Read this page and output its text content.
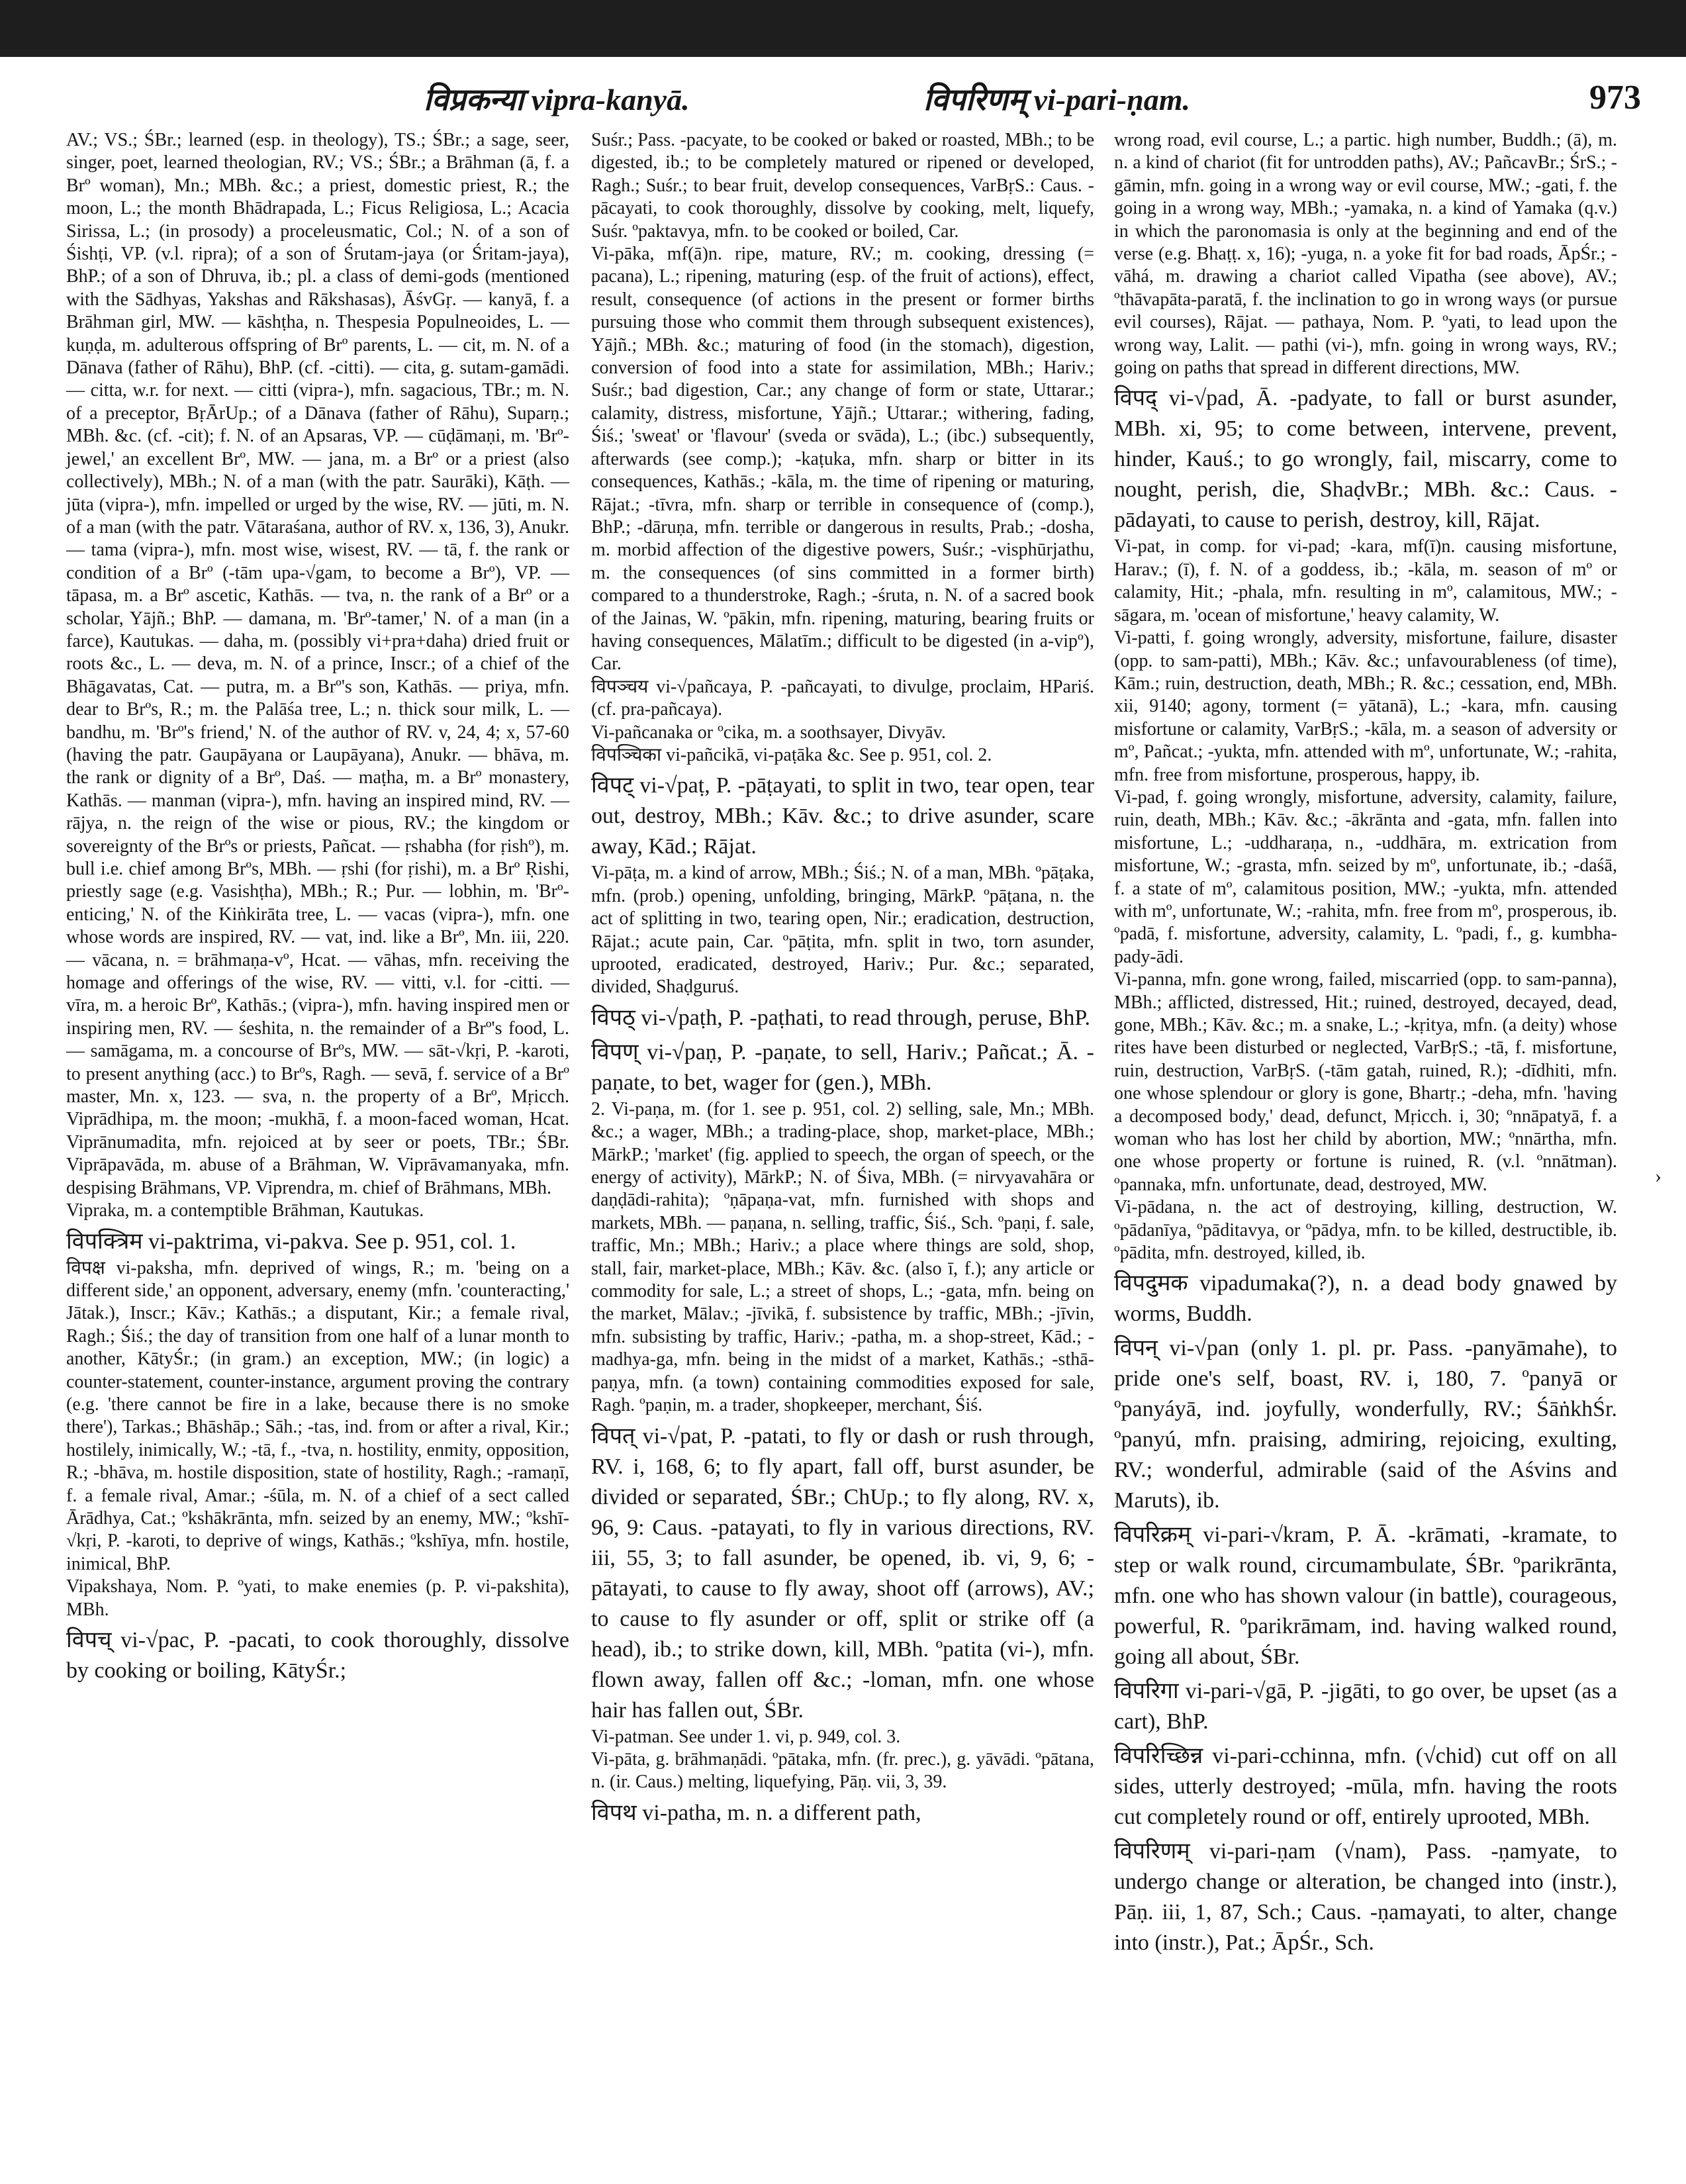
विप्रकन्या vipra-kanyā.	विपरिणम् vi-pari-ṇam.	973

AV.; VS.; ŚBr.; learned (esp. in theology), TS.; ŚBr.; a sage, seer, singer, poet, learned theologian, RV.; VS.; ŚBr.; a Brāhman (ā, f. a Brº woman), Mn.; MBh. &c.; a priest, domestic priest, R.; the moon, L.; the month Bhādrapada, L.; Ficus Religiosa, L.; Acacia Sirissa, L.; (in prosody) a proceleusmatic, Col.; N. of a son of Śishṭi, VP. (v.l. ripra); of a son of Śrutam-jaya (or Śritam-jaya), BhP.; of a son of Dhruva, ib.; pl. a class of demi-gods (mentioned with the Sādhyas, Yakshas and Rākshasas), ĀśvGṛ. — kanyā, f. a Brāhman girl, MW. — kāshṭha, n. Thespesia Populneoides, L. — kuṇḍa, m. adulterous offspring of Brº parents, L. — cit, m. N. of a Dānava (father of Rāhu), BhP. (cf. -citti). — cita, g. sutam-gamādi. — citta, w.r. for next. — citti (vipra-), mfn. sagacious, TBr.; m. N. of a preceptor, BṛĀrUp.; of a Dānava (father of Rāhu), Suparṇ.; MBh. &c. (cf. -cit); f. N. of an Apsaras, VP. — cūḍāmaṇi, m. 'Brº-jewel,' an excellent Brº, MW. — jana, m. a Brº or a priest (also collectively), MBh.; N. of a man (with the patr. Saurāki), Kāṭh. — jūta (vipra-), mfn. impelled or urged by the wise, RV. — jūti, m. N. of a man (with the patr. Vātaraśana, author of RV. x, 136, 3), Anukr. — tama (vipra-), mfn. most wise, wisest, RV. — tā, f. the rank or condition of a Brº (-tām upa-√gam, to become a Brº), VP. — tāpasa, m. a Brº ascetic, Kathās. — tva, n. the rank of a Brº or a scholar, Yājñ.; BhP. — damana, m. 'Brº-tamer,' N. of a man (in a farce), Kautukas. — daha, m. (possibly vi+pra+daha) dried fruit or roots &c., L. — deva, m. N. of a prince, Inscr.; of a chief of the Bhāgavatas, Cat. — putra, m. a Brº's son, Kathās. — priya, mfn. dear to Brºs, R.; m. the Palāśa tree, L.; n. thick sour milk, L. — bandhu, m. 'Brº's friend,' N. of the author of RV. v, 24, 4; x, 57-60 (having the patr. Gaupāyana or Laupāyana), Anukr. — bhāva, m. the rank or dignity of a Brº, Daś. — maṭha, m. a Brº monastery, Kathās. — manman (vipra-), mfn. having an inspired mind, RV. — rājya, n. the reign of the wise or pious, RV.; the kingdom or sovereignty of the Brºs or priests, Pañcat. — ṛshabha (for ṛishº), m. bull i.e. chief among Brºs, MBh. — ṛshi (for ṛishi), m. a Brº Ṛishi, priestly sage (e.g. Vasishṭha), MBh.; R.; Pur. — lobhin, m. 'Brº-enticing,' N. of the Kiṅkirāta tree, L. — vacas (vipra-), mfn. one whose words are inspired, RV. — vat, ind. like a Brº, Mn. iii, 220. — vācana, n. = brāhmaṇa-vº, Hcat. — vāhas, mfn. receiving the homage and offerings of the wise, RV. — vitti, v.l. for -citti. — vīra, m. a heroic Brº, Kathās.; (vipra-), mfn. having inspired men or inspiring men, RV. — śeshita, n. the remainder of a Brº's food, L. — samāgama, m. a concourse of Brºs, MW. — sāt-√kṛi, P. -karoti, to present anything (acc.) to Brºs, Ragh. — sevā, f. service of a Brº master, Mn. x, 123. — sva, n. the property of a Brº, Mṛicch. Viprādhipa, m. the moon; -mukhā, f. a moon-faced woman, Hcat. Viprānumadita, mfn. rejoiced at by seer or poets, TBr.; ŚBr. Viprāpavāda, m. abuse of a Brāhman, W. Viprāvamanyaka, mfn. despising Brāhmans, VP. Viprendra, m. chief of Brāhmans, MBh.

Vipraka, m. a contemptible Brāhman, Kautukas.

विपक्त्रिम vi-paktrima, vi-pakva. See p. 951, col. 1.

विपक्ष vi-paksha, mfn. deprived of wings, R.; m. 'being on a different side,' an opponent, adversary, enemy (mfn. 'counteracting,' Jātak.), Inscr.; Kāv.; Kathās.; a disputant, Kir.; a female rival, Ragh.; Śiś.; the day of transition from one half of a lunar month to another, KātyŚr.; (in gram.) an exception, MW.; (in logic) a counter-statement, counter-instance, argument proving the contrary (e.g. 'there cannot be fire in a lake, because there is no smoke there'), Tarkas.; Bhāshāp.; Sāh.; -tas, ind. from or after a rival, Kir.; hostilely, inimically, W.; -tā, f., -tva, n. hostility, enmity, opposition, R.; -bhāva, m. hostile disposition, state of hostility, Ragh.; -ramaṇī, f. a female rival, Amar.; -śūla, m. N. of a chief of a sect called Ārādhya, Cat.; ºkshākrānta, mfn. seized by an enemy, MW.; ºkshī-√kṛi, P. -karoti, to deprive of wings, Kathās.; ºkshīya, mfn. hostile, inimical, BhP.

Vipakshaya, Nom. P. ºyati, to make enemies (p. P. vi-pakshita), MBh.

विपच् vi-√pac, P. -pacati, to cook thoroughly, dissolve by cooking or boiling, KātyŚr.;

Suśr.; Pass. -pacyate, to be cooked or baked or roasted, MBh.; to be digested, ib.; to be completely matured or ripened or developed, Ragh.; Suśr.; to bear fruit, develop consequences, VarBṛS.: Caus. -pācayati, to cook thoroughly, dissolve by cooking, melt, liquefy, Suśr. ºpaktavya, mfn. to be cooked or boiled, Car.

Vi-pāka, mf(ā)n. ripe, mature, RV.; m. cooking, dressing (= pacana), L.; ripening, maturing (esp. of the fruit of actions), effect, result, consequence (of actions in the present or former births pursuing those who commit them through subsequent existences), Yājñ.; MBh. &c.; maturing of food (in the stomach), digestion, conversion of food into a state for assimilation, MBh.; Hariv.; Suśr.; bad digestion, Car.; any change of form or state, Uttarar.; calamity, distress, misfortune, Yājñ.; Uttarar.; withering, fading, Śiś.; 'sweat' or 'flavour' (sveda or svāda), L.; (ibc.) subsequently, afterwards (see comp.); -kaṭuka, mfn. sharp or bitter in its consequences, Kathās.; -kāla, m. the time of ripening or maturing, Rājat.; -tīvra, mfn. sharp or terrible in consequence of (comp.), BhP.; -dāruṇa, mfn. terrible or dangerous in results, Prab.; -dosha, m. morbid affection of the digestive powers, Suśr.; -visphūrjathu, m. the consequences (of sins committed in a former birth) compared to a thunderstroke, Ragh.; -śruta, n. N. of a sacred book of the Jainas, W. ºpākin, mfn. ripening, maturing, bearing fruits or having consequences, Mālatīm.; difficult to be digested (in a-vipº), Car.

विपञ्चय vi-√pañcaya, P. -pañcayati, to divulge, proclaim, HPariś. (cf. pra-pañcaya).

Vi-pañcanaka or ºcika, m. a soothsayer, Divyāv.

विपञ्चिका vi-pañcikā, vi-paṭāka &c. See p. 951, col. 2.

विपट् vi-√paṭ, P. -pāṭayati, to split in two, tear open, tear out, destroy, MBh.; Kāv. &c.; to drive asunder, scare away, Kād.; Rājat.

Vi-pāṭa, m. a kind of arrow, MBh.; Śiś.; N. of a man, MBh. ºpāṭaka, mfn. (prob.) opening, unfolding, bringing, MārkP. ºpāṭana, n. the act of splitting in two, tearing open, Nir.; eradication, destruction, Rājat.; acute pain, Car. ºpāṭita, mfn. split in two, torn asunder, uprooted, eradicated, destroyed, Hariv.; Pur. &c.; separated, divided, Shaḍguruś.

विपठ् vi-√paṭh, P. -paṭhati, to read through, peruse, BhP.

विपण् vi-√paṇ, P. -paṇate, to sell, Hariv.; Pañcat.; Ā. -paṇate, to bet, wager for (gen.), MBh.

2. Vi-paṇa, m. (for 1. see p. 951, col. 2) selling, sale, Mn.; MBh. &c.; a wager, MBh.; a trading-place, shop, market-place, MBh.; MārkP.; 'market' (fig. applied to speech, the organ of speech, or the energy of activity), MārkP.; N. of Śiva, MBh. (= nirvyavahāra or daṇḍādi-rahita); ºṇāpaṇa-vat, mfn. furnished with shops and markets, MBh. — paṇana, n. selling, traffic, Śiś., Sch. ºpaṇi, f. sale, traffic, Mn.; MBh.; Hariv.; a place where things are sold, shop, stall, fair, market-place, MBh.; Kāv. &c. (also ī, f.); any article or commodity for sale, L.; a street of shops, L.; -gata, mfn. being on the market, Mālav.; -jīvikā, f. subsistence by traffic, MBh.; -jīvin, mfn. subsisting by traffic, Hariv.; -patha, m. a shop-street, Kād.; -madhya-ga, mfn. being in the midst of a market, Kathās.; -sthā-paṇya, mfn. (a town) containing commodities exposed for sale, Ragh. ºpaṇin, m. a trader, shopkeeper, merchant, Śiś.

विपत् vi-√pat, P. -patati, to fly or dash or rush through, RV. i, 168, 6; to fly apart, fall off, burst asunder, be divided or separated, ŚBr.; ChUp.; to fly along, RV. x, 96, 9: Caus. -patayati, to fly in various directions, RV. iii, 55, 3; to fall asunder, be opened, ib. vi, 9, 6; -pātayati, to cause to fly away, shoot off (arrows), AV.; to cause to fly asunder or off, split or strike off (a head), ib.; to strike down, kill, MBh. ºpatita (vi-), mfn. flown away, fallen off &c.; -loman, mfn. one whose hair has fallen out, ŚBr.

Vi-patman. See under 1. vi, p. 949, col. 3.

Vi-pāta, g. brāhmaṇādi. ºpātaka, mfn. (fr. prec.), g. yāvādi. ºpātana, n. (ir. Caus.) melting, liquefying, Pāṇ. vii, 3, 39.

विपथ vi-patha, m. n. a different path,

wrong road, evil course, L.; a partic. high number, Buddh.; (ā), m. n. a kind of chariot (fit for untrodden paths), AV.; PañcavBr.; ŚrS.; -gāmin, mfn. going in a wrong way or evil course, MW.; -gati, f. the going in a wrong way, MBh.; -yamaka, n. a kind of Yamaka (q.v.) in which the paronomasia is only at the beginning and end of the verse (e.g. Bhaṭṭ. x, 16); -yuga, n. a yoke fit for bad roads, ĀpŚr.; -vāhá, m. drawing a chariot called Vipatha (see above), AV.; ºthāvapāta-paratā, f. the inclination to go in wrong ways (or pursue evil courses), Rājat. — pathaya, Nom. P. ºyati, to lead upon the wrong way, Lalit. — pathi (vi-), mfn. going in wrong ways, RV.; going on paths that spread in different directions, MW.

विपद् vi-√pad, Ā. -padyate, to fall or burst asunder, MBh. xi, 95; to come between, intervene, prevent, hinder, Kauś.; to go wrongly, fail, miscarry, come to nought, perish, die, ShaḍvBr.; MBh. &c.: Caus. -pādayati, to cause to perish, destroy, kill, Rājat.

Vi-pat, in comp. for vi-pad; -kara, mf(ī)n. causing misfortune, Harav.; (ī), f. N. of a goddess, ib.; -kāla, m. season of mº or calamity, Hit.; -phala, mfn. resulting in mº, calamitous, MW.; -sāgara, m. 'ocean of misfortune,' heavy calamity, W.

Vi-patti, f. going wrongly, adversity, misfortune, failure, disaster (opp. to sam-patti), MBh.; Kāv. &c.; unfavourableness (of time), Kām.; ruin, destruction, death, MBh.; R. &c.; cessation, end, MBh. xii, 9140; agony, torment (= yātanā), L.; -kara, mfn. causing misfortune or calamity, VarBṛS.; -kāla, m. a season of adversity or mº, Pañcat.; -yukta, mfn. attended with mº, unfortunate, W.; -rahita, mfn. free from misfortune, prosperous, happy, ib.

Vi-pad, f. going wrongly, misfortune, adversity, calamity, failure, ruin, death, MBh.; Kāv. &c.; -ākrānta and -gata, mfn. fallen into misfortune, L.; -uddharaṇa, n., -uddhāra, m. extrication from misfortune, W.; -grasta, mfn. seized by mº, unfortunate, ib.; -daśā, f. a state of mº, calamitous position, MW.; -yukta, mfn. attended with mº, unfortunate, W.; -rahita, mfn. free from mº, prosperous, ib. ºpadā, f. misfortune, adversity, calamity, L. ºpadi, f., g. kumbha-pady-ādi.

Vi-panna, mfn. gone wrong, failed, miscarried (opp. to sam-panna), MBh.; afflicted, distressed, Hit.; ruined, destroyed, decayed, dead, gone, MBh.; Kāv. &c.; m. a snake, L.; -kṛitya, mfn. (a deity) whose rites have been disturbed or neglected, VarBṛS.; -tā, f. misfortune, ruin, destruction, VarBṛS. (-tām gatah, ruined, R.); -dīdhiti, mfn. one whose splendour or glory is gone, Bhartṛ.; -deha, mfn. 'having a decomposed body,' dead, defunct, Mṛicch. i, 30; ºnnāpatyā, f. a woman who has lost her child by abortion, MW.; ºnnārtha, mfn. one whose property or fortune is ruined, R. (v.l. ºnnātman). ºpannaka, mfn. unfortunate, dead, destroyed, MW.

Vi-pādana, n. the act of destroying, killing, destruction, W. ºpādanīya, ºpāditavya, or ºpādya, mfn. to be killed, destructible, ib. ºpādita, mfn. destroyed, killed, ib.

विपदुमक vipadumaka(?), n. a dead body gnawed by worms, Buddh.

विपन् vi-√pan (only 1. pl. pr. Pass. -panyāmahe), to pride one's self, boast, RV. i, 180, 7. ºpanyā or ºpanyáyā, ind. joyfully, wonderfully, RV.; ŚāṅkhŚr. ºpanyú, mfn. praising, admiring, rejoicing, exulting, RV.; wonderful, admirable (said of the Aśvins and Maruts), ib.

विपरिक्रम् vi-pari-√kram, P. Ā. -krāmati, -kramate, to step or walk round, circumambulate, ŚBr. ºparikrānta, mfn. one who has shown valour (in battle), courageous, powerful, R. ºparikrāmam, ind. having walked round, going all about, ŚBr.

विपरिगा vi-pari-√gā, P. -jigāti, to go over, be upset (as a cart), BhP.

विपरिच्छिन्न vi-pari-cchinna, mfn. (√chid) cut off on all sides, utterly destroyed; -mūla, mfn. having the roots cut completely round or off, entirely uprooted, MBh.

विपरिणम् vi-pari-ṇam (√nam), Pass. -ṇamyate, to undergo change or alteration, be changed into (instr.), Pāṇ. iii, 1, 87, Sch.; Caus. -ṇamayati, to alter, change into (instr.), Pat.; ĀpŚr., Sch.

›
